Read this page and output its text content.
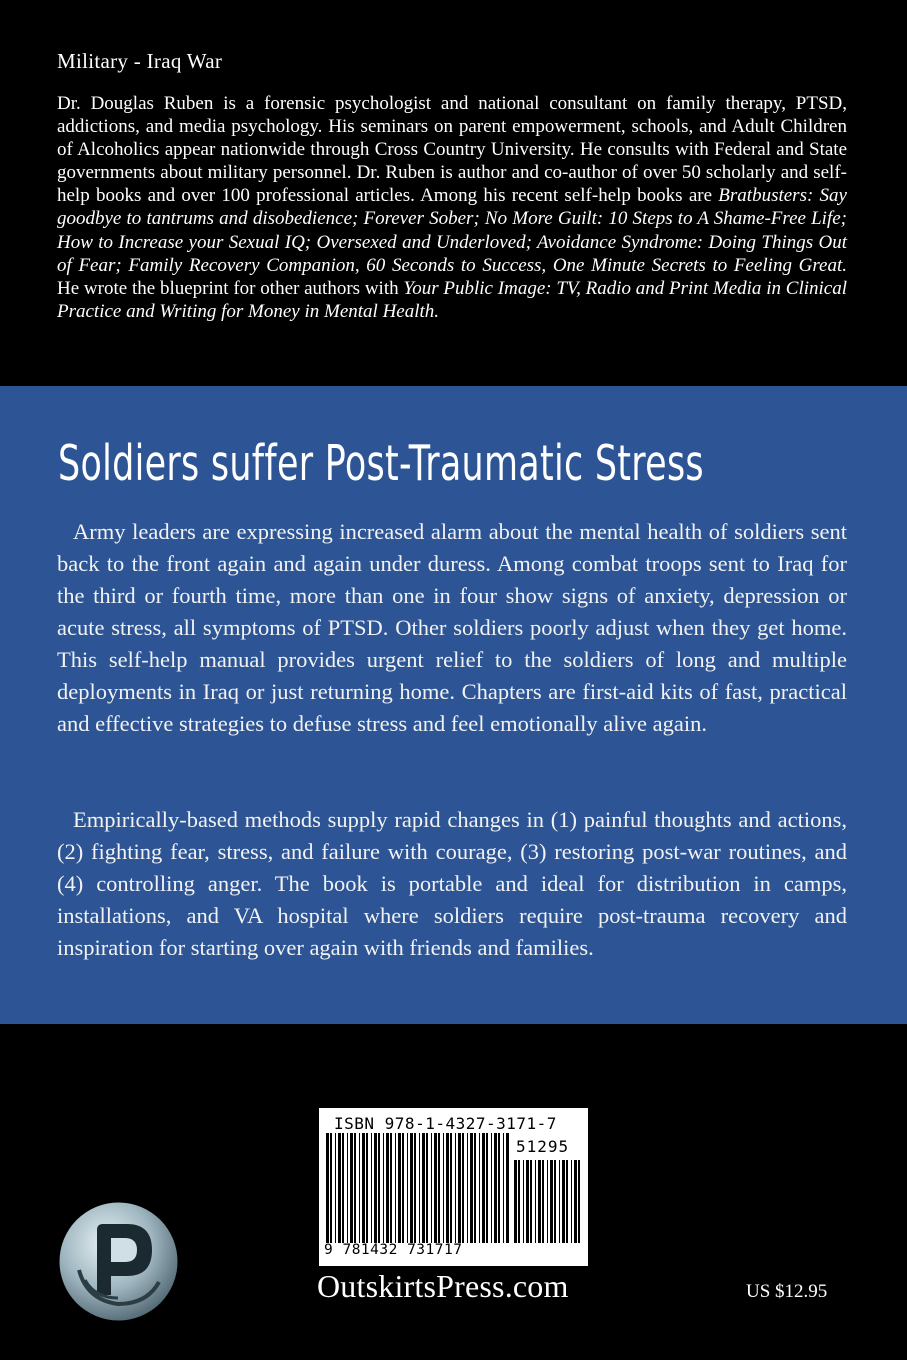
Military - Iraq War

Dr. Douglas Ruben is a forensic psychologist and national consultant on family therapy, PTSD, addictions, and media psychology. His seminars on parent empowerment, schools, and Adult Children of Alcoholics appear nationwide through Cross Country University. He consults with Federal and State governments about military personnel. Dr. Ruben is author and co-author of over 50 scholarly and self-help books and over 100 professional articles. Among his recent self-help books are Bratbusters: Say goodbye to tantrums and disobedience; Forever Sober; No More Guilt: 10 Steps to A Shame-Free Life; How to Increase your Sexual IQ; Oversexed and Underloved; Avoidance Syndrome: Doing Things Out of Fear; Family Recovery Companion, 60 Seconds to Success, One Minute Secrets to Feeling Great. He wrote the blueprint for other authors with Your Public Image: TV, Radio and Print Media in Clinical Practice and Writing for Money in Mental Health.

Soldiers suffer Post-Traumatic Stress

Army leaders are expressing increased alarm about the mental health of soldiers sent back to the front again and again under duress. Among combat troops sent to Iraq for the third or fourth time, more than one in four show signs of anxiety, depression or acute stress, all symptoms of PTSD. Other soldiers poorly adjust when they get home. This self-help manual provides urgent relief to the soldiers of long and multiple deployments in Iraq or just returning home. Chapters are first-aid kits of fast, practical and effective strategies to defuse stress and feel emotionally alive again.

Empirically-based methods supply rapid changes in (1) painful thoughts and actions, (2) fighting fear, stress, and failure with courage, (3) restoring post-war routines, and (4) controlling anger. The book is portable and ideal for distribution in camps, installations, and VA hospital where soldiers require post-trauma recovery and inspiration for starting over again with friends and families.

ISBN 978-1-4327-3171-7
51295
9 781432 731717
OutskirtsPress.com	US $12.95
